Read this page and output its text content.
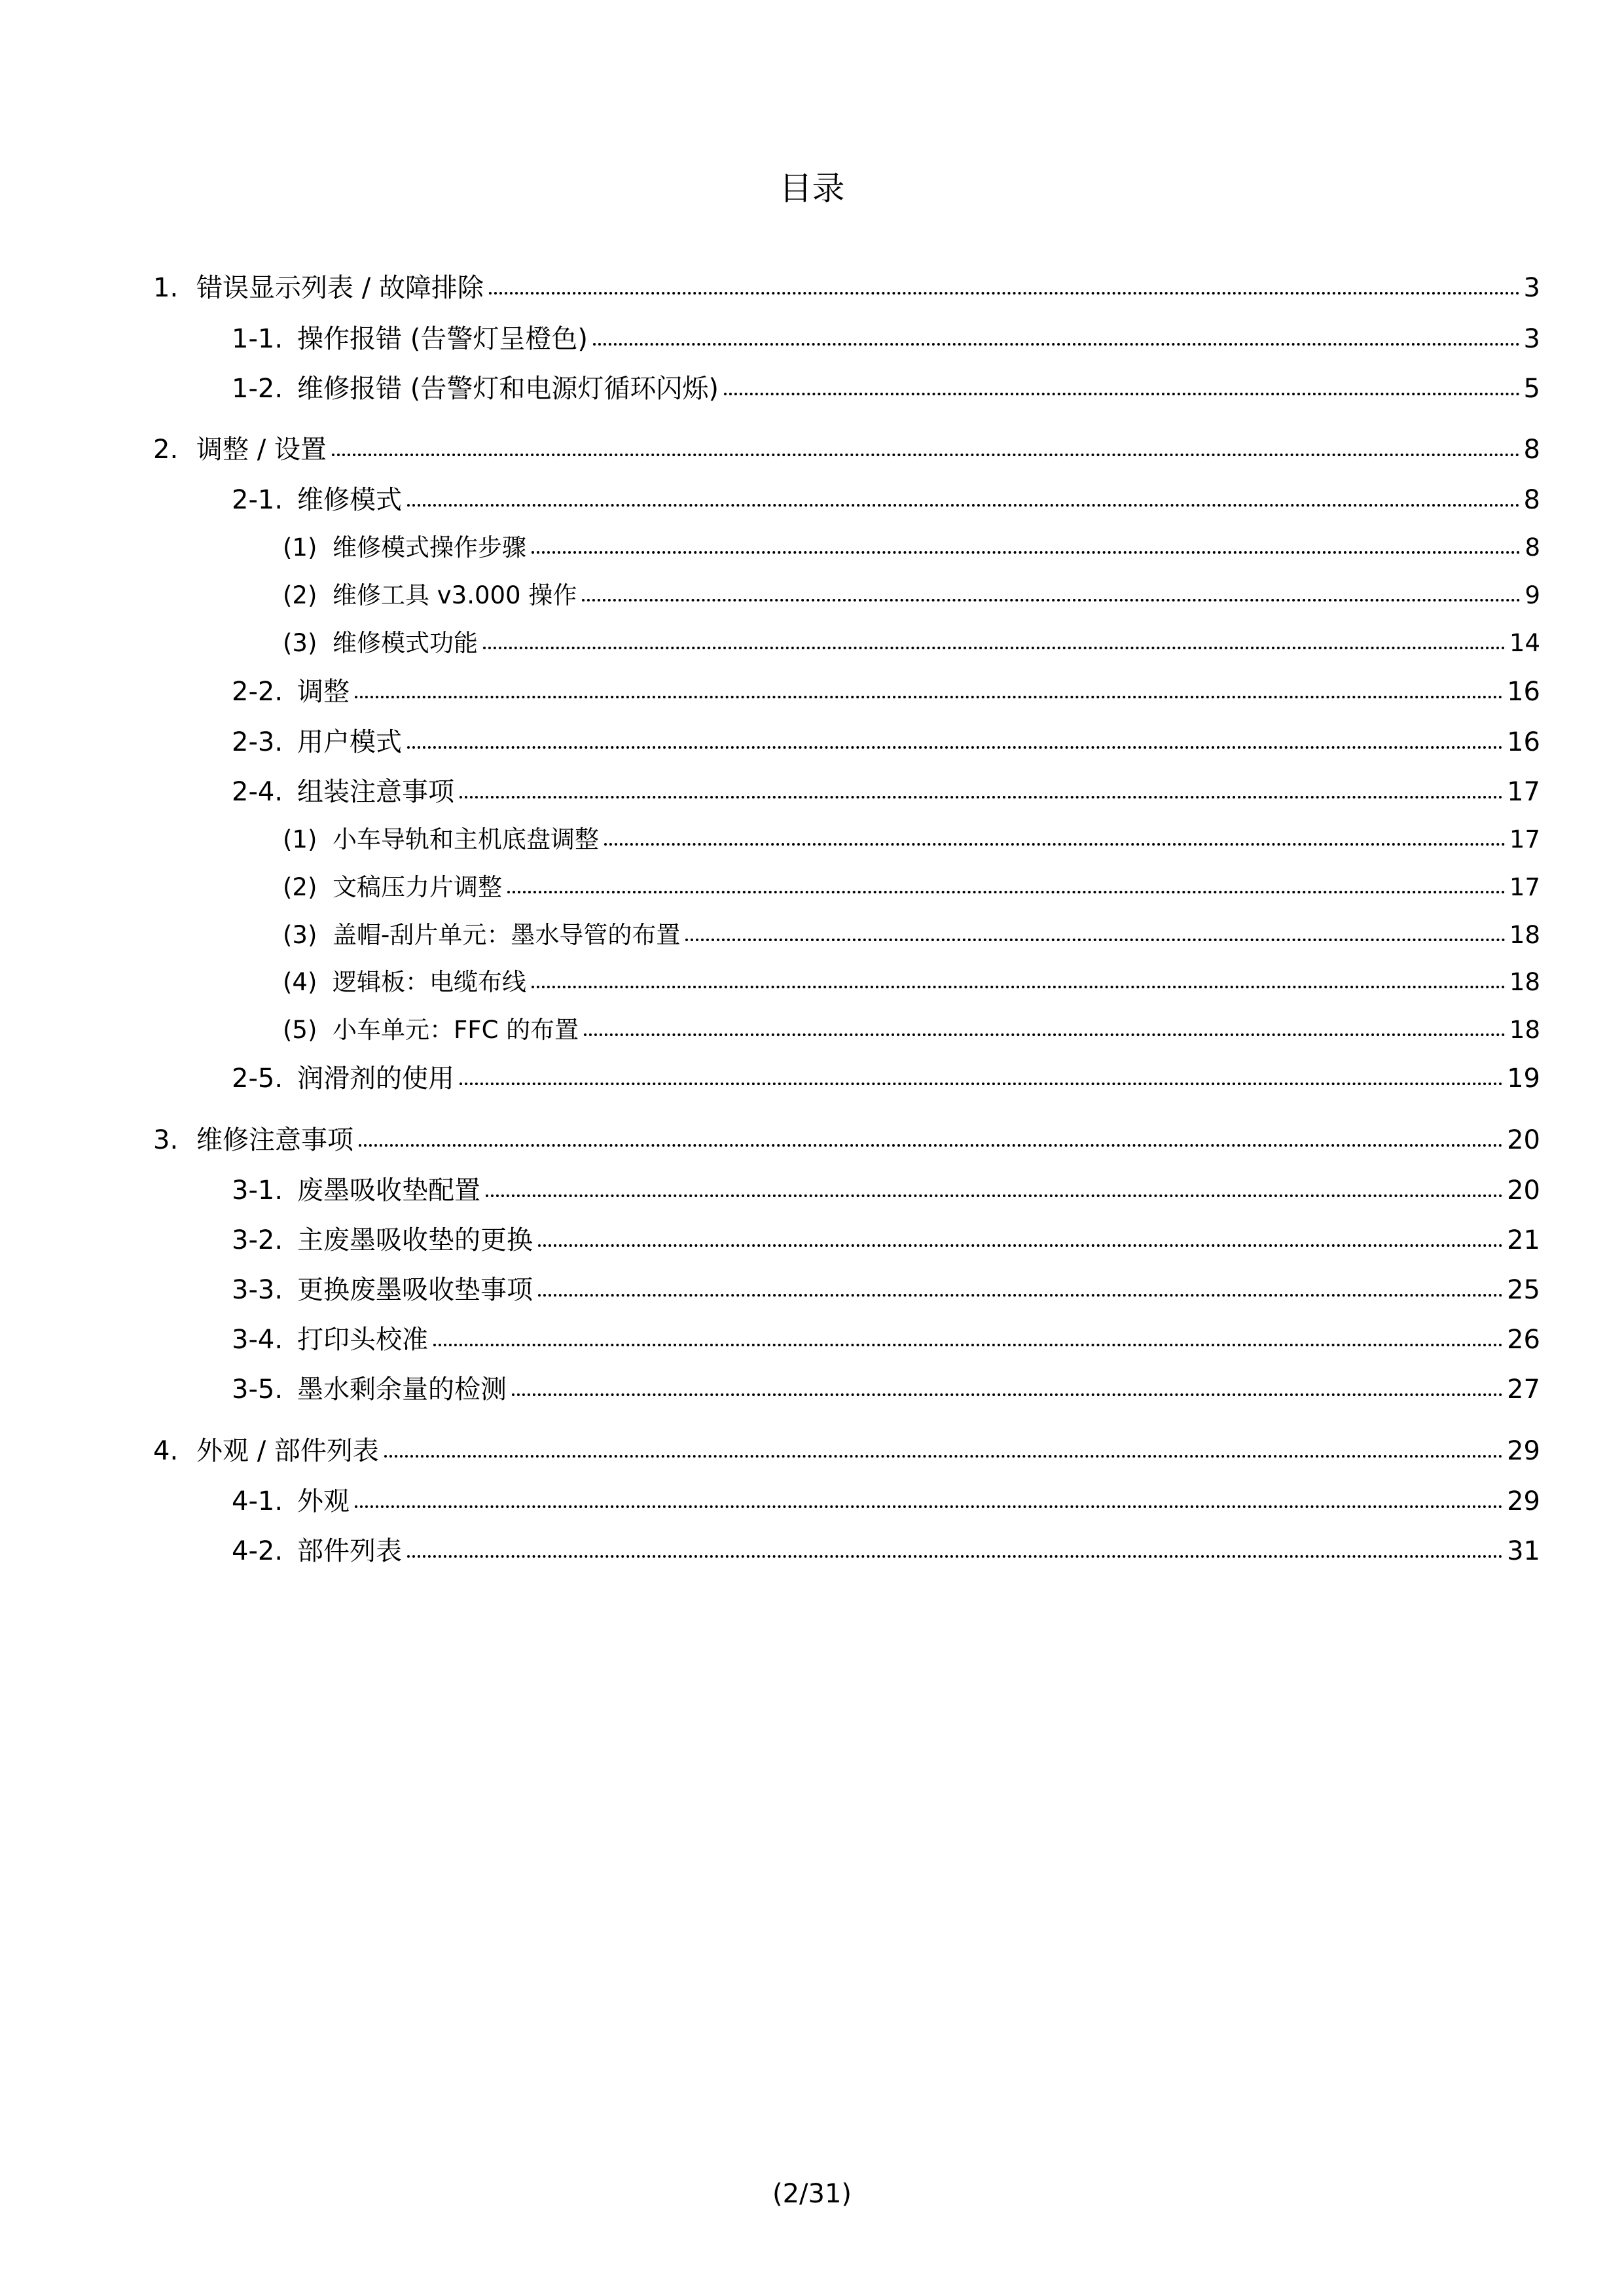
目录
1. 错误显示列表 / 故障排除	3
1-1. 操作报错 (告警灯呈橙色)	3
1-2. 维修报错 (告警灯和电源灯循环闪烁)	5
2. 调整 / 设置	8
2-1. 维修模式	8
(1) 维修模式操作步骤	8
(2) 维修工具 v3.000 操作	9
(3) 维修模式功能	14
2-2. 调整	16
2-3. 用户模式	16
2-4. 组装注意事项	17
(1) 小车导轨和主机底盘调整	17
(2) 文稿压力片调整	17
(3) 盖帽-刮片单元：墨水导管的布置	18
(4) 逻辑板：电缆布线	18
(5) 小车单元：FFC 的布置	18
2-5. 润滑剂的使用	19
3. 维修注意事项	20
3-1. 废墨吸收垫配置	20
3-2. 主废墨吸收垫的更换	21
3-3. 更换废墨吸收垫事项	25
3-4. 打印头校准	26
3-5. 墨水剩余量的检测	27
4. 外观 / 部件列表	29
4-1. 外观	29
4-2. 部件列表	31
(2/31)
